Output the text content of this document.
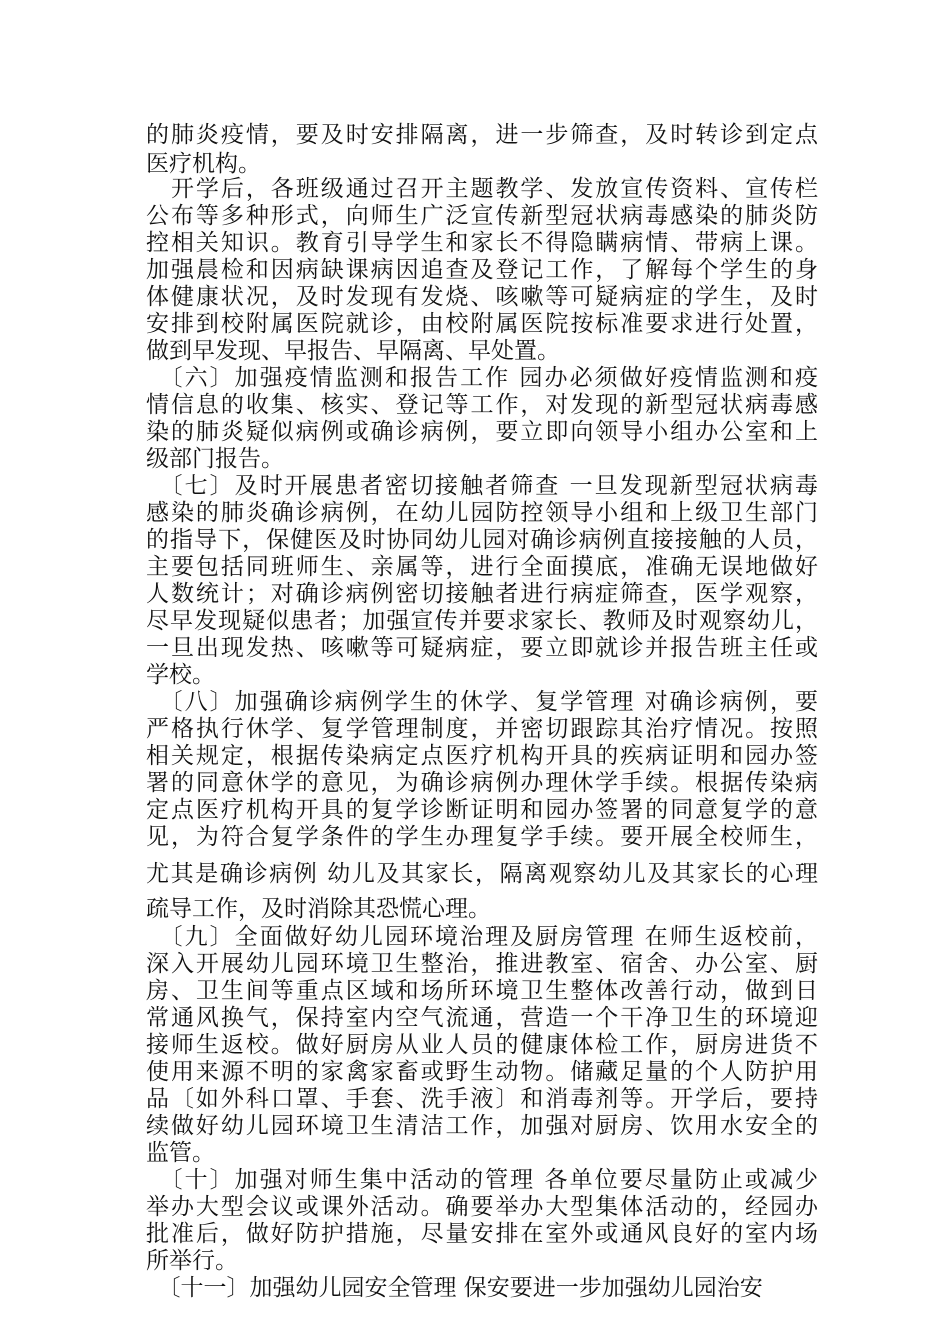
的肺炎疫情，要及时安排隔离，进一步筛查，及时转诊到定点
医疗机构。
　开学后，各班级通过召开主题教学、发放宣传资料、宣传栏
公布等多种形式，向师生广泛宣传新型冠状病毒感染的肺炎防
控相关知识。教育引导学生和家长不得隐瞒病情、带病上课。
加强晨检和因病缺课病因追查及登记工作，了解每个学生的身
体健康状况，及时发现有发烧、咳嗽等可疑病症的学生，及时
安排到校附属医院就诊，由校附属医院按标准要求进行处置，
做到早发现、早报告、早隔离、早处置。
　〔六〕加强疫情监测和报告工作 园办必须做好疫情监测和疫
情信息的收集、核实、登记等工作，对发现的新型冠状病毒感
染的肺炎疑似病例或确诊病例，要立即向领导小组办公室和上
级部门报告。
　〔七〕及时开展患者密切接触者筛查 一旦发现新型冠状病毒
感染的肺炎确诊病例，在幼儿园防控领导小组和上级卫生部门
的指导下，保健医及时协同幼儿园对确诊病例直接接触的人员，
主要包括同班师生、亲属等，进行全面摸底，准确无误地做好
人数统计；对确诊病例密切接触者进行病症筛查，医学观察，
尽早发现疑似患者；加强宣传并要求家长、教师及时观察幼儿，
一旦出现发热、咳嗽等可疑病症，要立即就诊并报告班主任或
学校。
　〔八〕加强确诊病例学生的休学、复学管理 对确诊病例，要
严格执行休学、复学管理制度，并密切跟踪其治疗情况。按照
相关规定，根据传染病定点医疗机构开具的疾病证明和园办签
署的同意休学的意见，为确诊病例办理休学手续。根据传染病
定点医疗机构开具的复学诊断证明和园办签署的同意复学的意
见，为符合复学条件的学生办理复学手续。要开展全校师生，
尤其是确诊病例 幼儿及其家长，隔离观察幼儿及其家长的心理
疏导工作，及时消除其恐慌心理。
　〔九〕全面做好幼儿园环境治理及厨房管理 在师生返校前，
深入开展幼儿园环境卫生整治，推进教室、宿舍、办公室、厨
房、卫生间等重点区域和场所环境卫生整体改善行动，做到日
常通风换气，保持室内空气流通，营造一个干净卫生的环境迎
接师生返校。做好厨房从业人员的健康体检工作，厨房进货不
使用来源不明的家禽家畜或野生动物。储藏足量的个人防护用
品〔如外科口罩、手套、洗手液〕和消毒剂等。开学后，要持
续做好幼儿园环境卫生清洁工作，加强对厨房、饮用水安全的
监管。
　〔十〕加强对师生集中活动的管理 各单位要尽量防止或减少
举办大型会议或课外活动。确要举办大型集体活动的，经园办
批准后，做好防护措施，尽量安排在室外或通风良好的室内场
所举行。
　〔十一〕加强幼儿园安全管理 保安要进一步加强幼儿园治安
